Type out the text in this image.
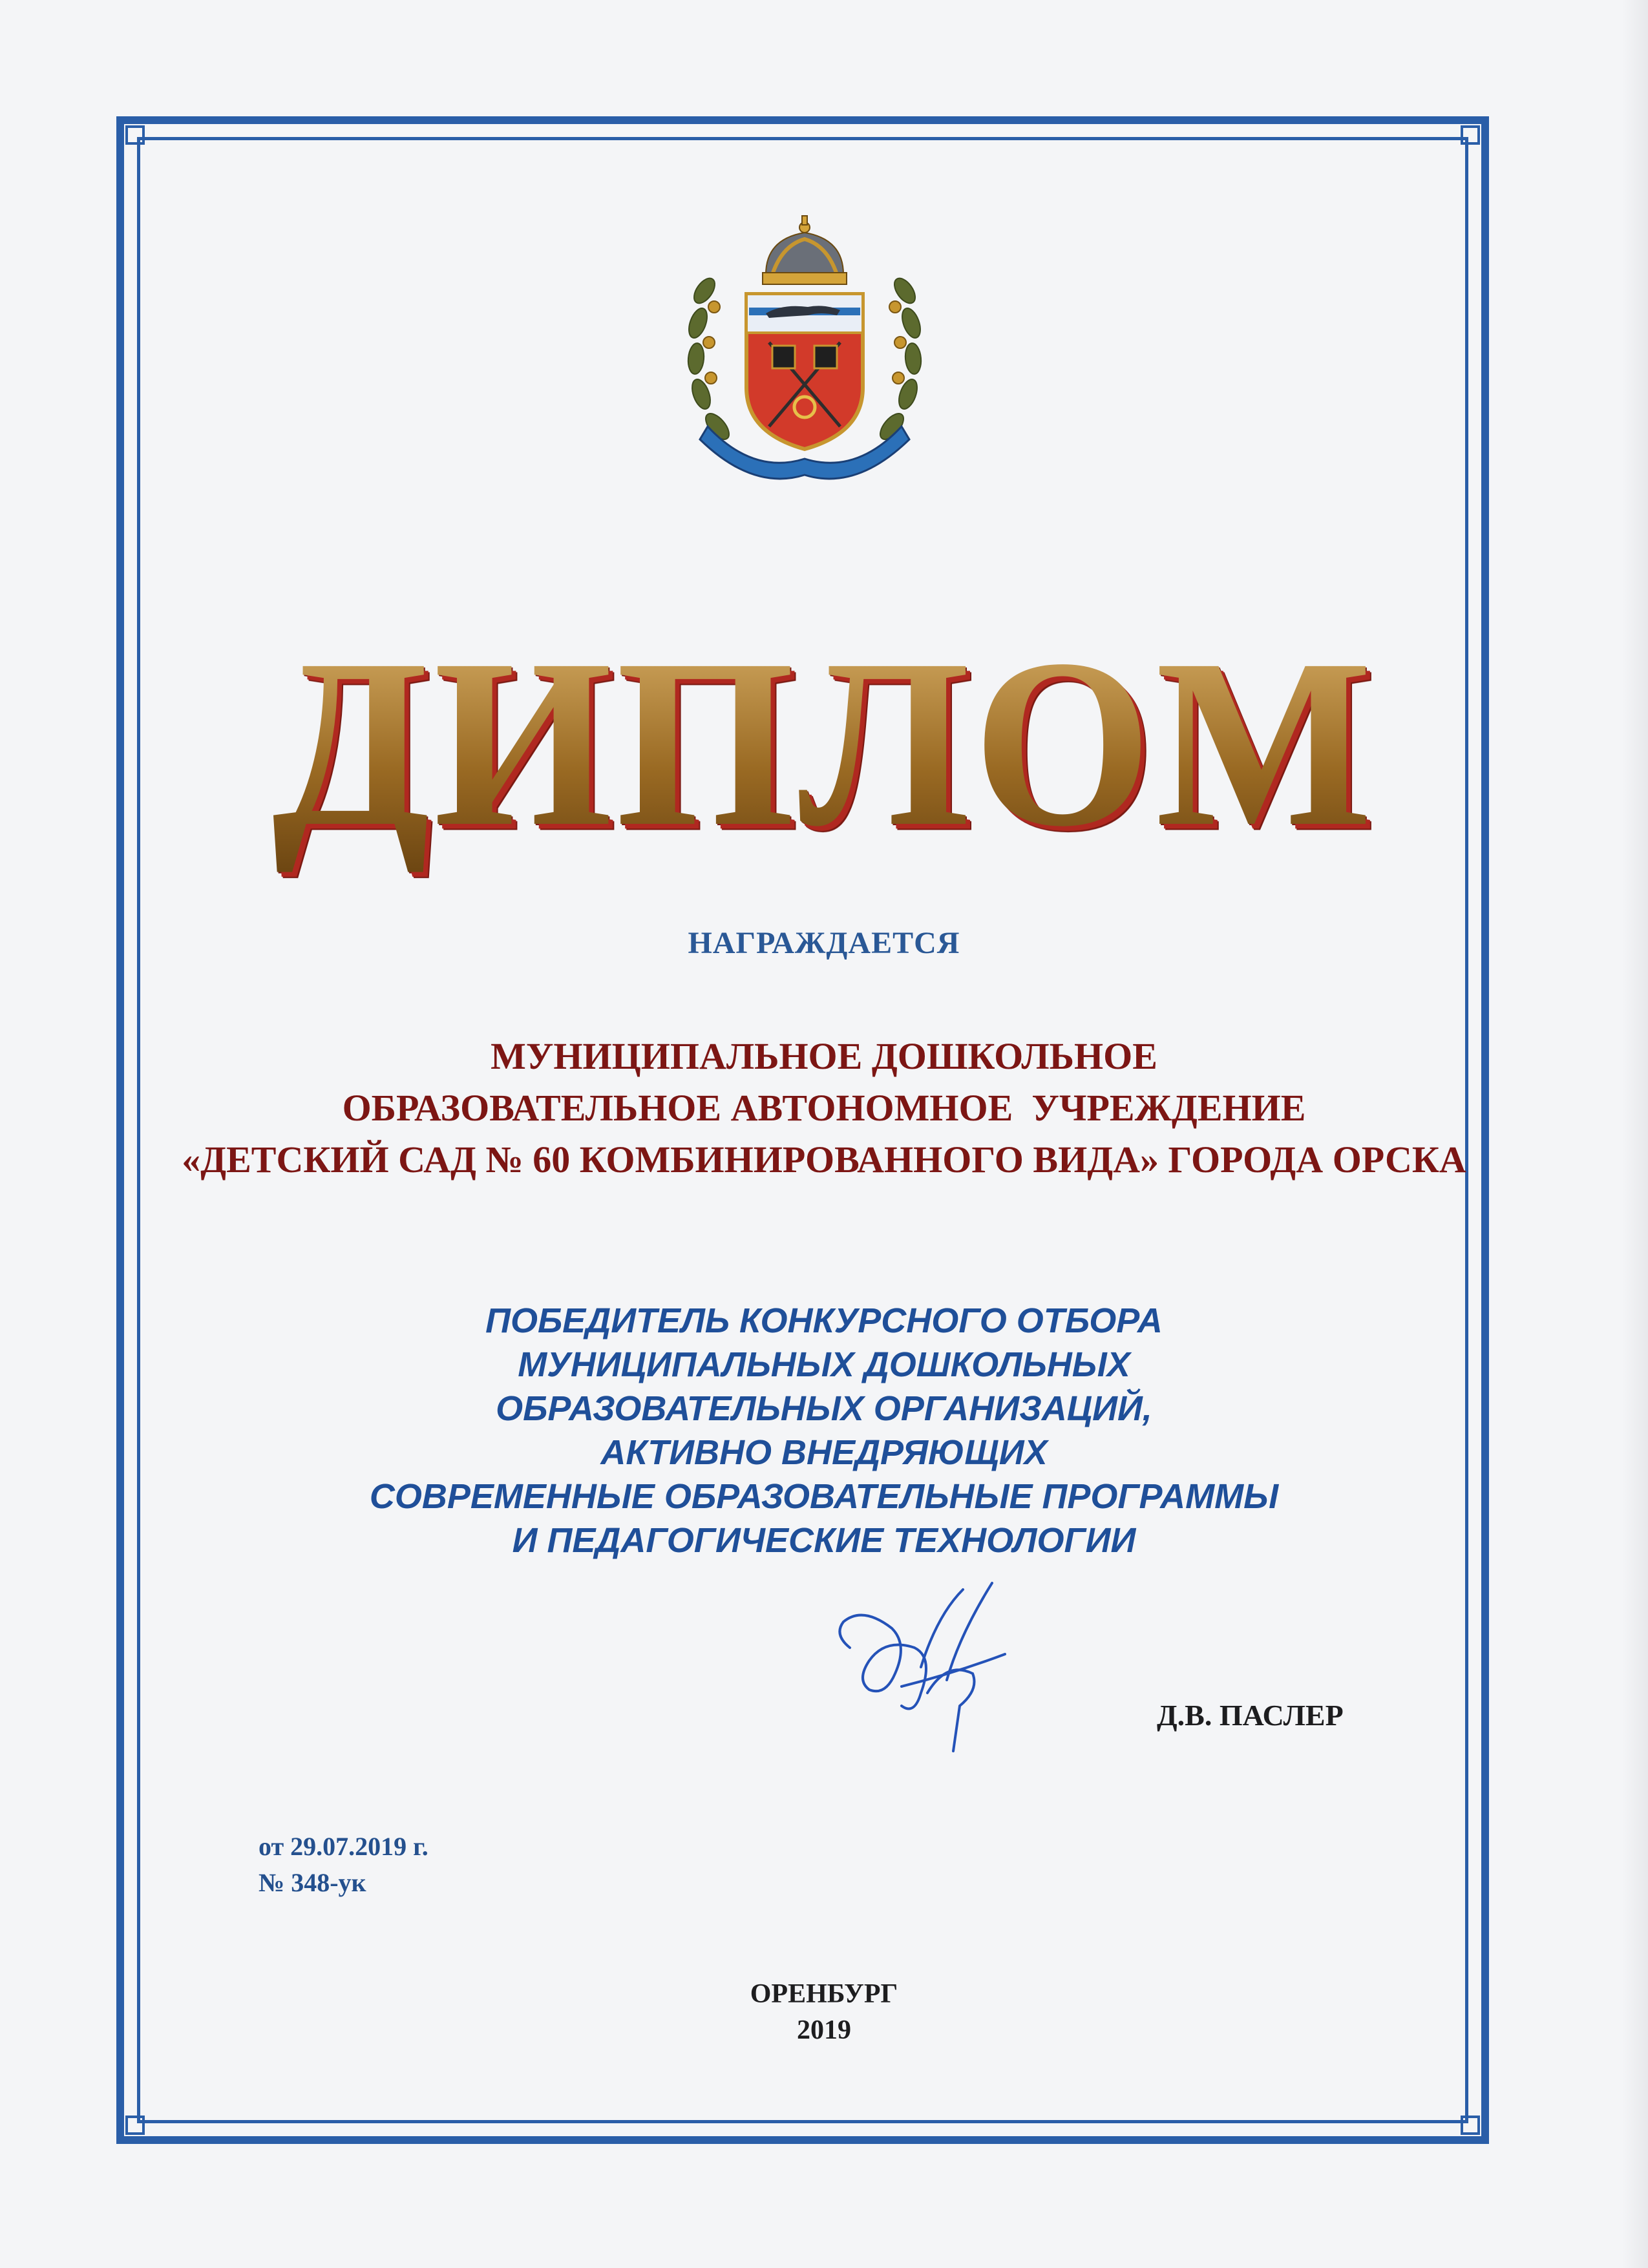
ДИПЛОМ
НАГРАЖДАЕТСЯ
МУНИЦИПАЛЬНОЕ ДОШКОЛЬНОЕ
ОБРАЗОВАТЕЛЬНОЕ АВТОНОМНОЕ  УЧРЕЖДЕНИЕ
«ДЕТСКИЙ САД № 60 КОМБИНИРОВАННОГО ВИДА» ГОРОДА ОРСКА
ПОБЕДИТЕЛЬ КОНКУРСНОГО ОТБОРА
МУНИЦИПАЛЬНЫХ ДОШКОЛЬНЫХ
ОБРАЗОВАТЕЛЬНЫХ ОРГАНИЗАЦИЙ,
АКТИВНО ВНЕДРЯЮЩИХ
СОВРЕМЕННЫЕ ОБРАЗОВАТЕЛЬНЫЕ ПРОГРАММЫ
И ПЕДАГОГИЧЕСКИЕ ТЕХНОЛОГИИ
Д.В. ПАСЛЕР
от 29.07.2019 г.
№ 348-ук
ОРЕНБУРГ
2019
